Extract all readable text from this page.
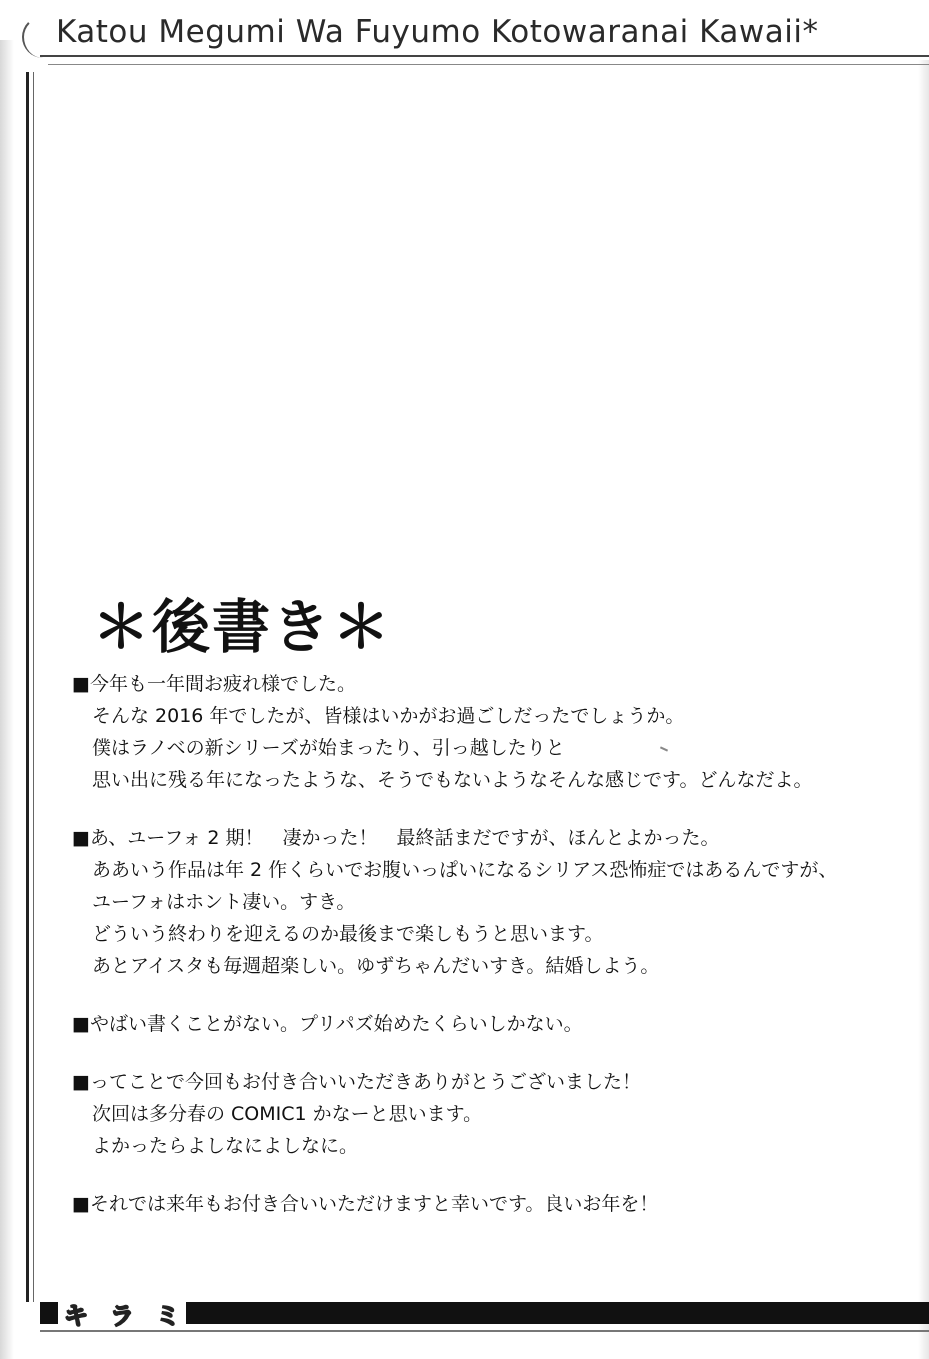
Katou Megumi Wa Fuyumo Kotowaranai Kawaii*
＊後書き＊
■今年も一年間お疲れ様でした。
そんな 2016 年でしたが、皆様はいかがお過ごしだったでしょうか。
僕はラノベの新シリーズが始まったり、引っ越したりと
思い出に残る年になったような、そうでもないようなそんな感じです。どんなだよ。
■あ、ユーフォ 2 期！　凄かった！　最終話まだですが、ほんとよかった。
ああいう作品は年 2 作くらいでお腹いっぱいになるシリアス恐怖症ではあるんですが、
ユーフォはホント凄い。すき。
どういう終わりを迎えるのか最後まで楽しもうと思います。
あとアイスタも毎週超楽しい。ゆずちゃんだいすき。結婚しよう。
■やばい書くことがない。プリパズ始めたくらいしかない。
■ってことで今回もお付き合いいただきありがとうございました！
次回は多分春の COMIC1 かなーと思います。
よかったらよしなによしなに。
■それでは来年もお付き合いいただけますと幸いです。良いお年を！
キ ラ ミ
